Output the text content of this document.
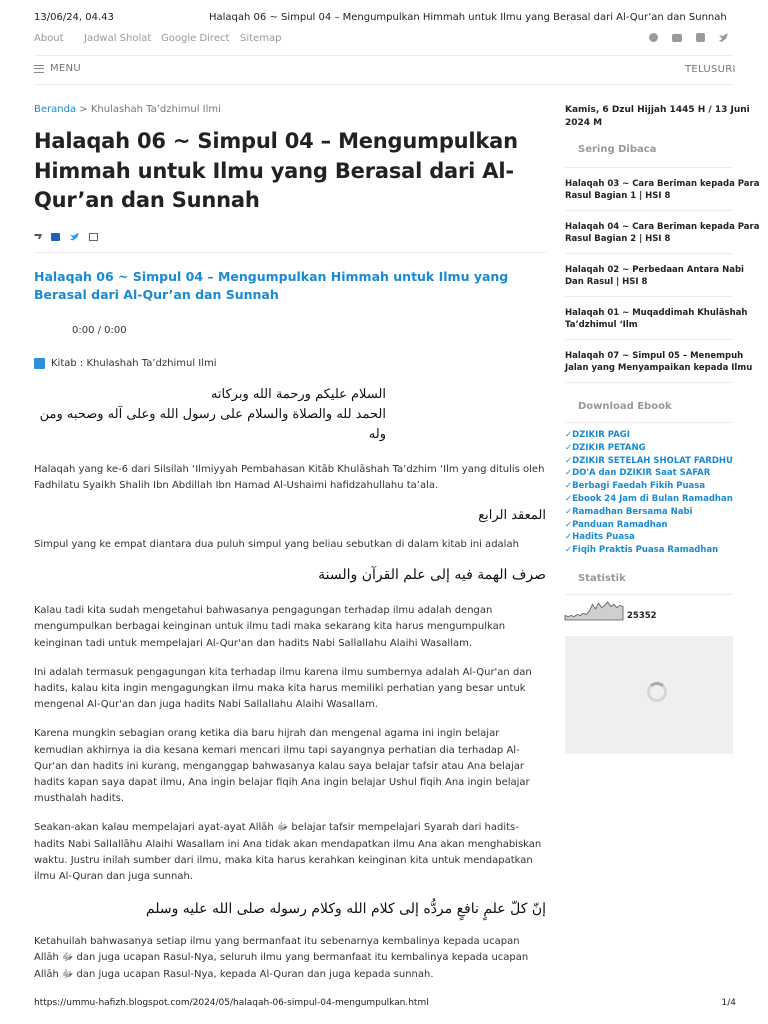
13/06/24, 04.43	Halaqah 06 ~ Simpul 04 – Mengumpulkan Himmah untuk Ilmu yang Berasal dari Al-Qur’an dan Sunnah
About Jadwal Sholat Google Direct Sitemap
MENU	TELUSURI
Beranda > Khulashah Ta’dzhimul Ilmi
Halaqah 06 ~ Simpul 04 – Mengumpulkan Himmah untuk Ilmu yang Berasal dari Al-Qur’an dan Sunnah
Halaqah 06 ~ Simpul 04 – Mengumpulkan Himmah untuk Ilmu yang Berasal dari Al-Qur’an dan Sunnah
0:00 / 0:00
Kitab : Khulashah Ta’dzhimul Ilmi
السلام عليكم ورحمة الله وبركاته
الحمد لله والصلاة والسلام على رسول الله وعلى آله وصحبه ومن وله

Halaqah yang ke-6 dari Silsilah ‘Ilmiyyah Pembahasan Kitāb Khulāshah Ta’dzhim ‘Ilm yang ditulis oleh Fadhilatu Syaikh Shalih Ibn Abdillah Ibn Hamad Al-Ushaimi hafidzahullahu ta’ala.

المعقد الرابع

Simpul yang ke empat diantara dua puluh simpul yang beliau sebutkan di dalam kitab ini adalah

صرف الهمة فيه إلى علم القرآن والسنة

Kalau tadi kita sudah mengetahui bahwasanya pengagungan terhadap ilmu adalah dengan mengumpulkan berbagai keinginan untuk ilmu tadi maka sekarang kita harus mengumpulkan keinginan tadi untuk mempelajari Al-Qur'an dan hadits Nabi Sallallahu Alaihi Wasallam.

Ini adalah termasuk pengagungan kita terhadap ilmu karena ilmu sumbernya adalah Al-Qur'an dan hadits, kalau kita ingin mengagungkan ilmu maka kita harus memiliki perhatian yang besar untuk mengenal Al-Qur'an dan juga hadits Nabi Sallallahu Alaihi Wasallam.

Karena mungkin sebagian orang ketika dia baru hijrah dan mengenal agama ini ingin belajar kemudian akhirnya ia dia kesana kemari mencari ilmu tapi sayangnya perhatian dia terhadap Al-Qur'an dan hadits ini kurang, menganggap bahwasanya kalau saya belajar tafsir atau Ana belajar hadits kapan saya dapat ilmu, Ana ingin belajar fiqih Ana ingin belajar Ushul fiqih Ana ingin belajar musthalah hadits.

Seakan-akan kalau mempelajari ayat-ayat Allāh ﷻ belajar tafsir mempelajari Syarah dari hadits-hadits Nabi Sallallāhu Alaihi Wasallam ini Ana tidak akan mendapatkan ilmu Ana akan menghabiskan waktu. Justru inilah sumber dari ilmu, maka kita harus kerahkan keinginan kita untuk mendapatkan ilmu Al-Quran dan juga sunnah.

إنّ كلّ علمٍ نافعٍ مردُّه إلى كلام الله وكلام رسوله صلى الله عليه وسلم

Ketahuilah bahwasanya setiap ilmu yang bermanfaat itu sebenarnya kembalinya kepada ucapan Allāh ﷻ dan juga ucapan Rasul-Nya, seluruh ilmu yang bermanfaat itu kembalinya kepada ucapan Allāh ﷻ dan juga ucapan Rasul-Nya, kepada Al-Quran dan juga kepada sunnah.

Kamis, 6 Dzul Hijjah 1445 H / 13 Juni
2024 M
Sering Dibaca
Halaqah 03 ~ Cara Beriman kepada Para
Rasul Bagian 1 | HSI 8
Halaqah 04 ~ Cara Beriman kepada Para
Rasul Bagian 2 | HSI 8
Halaqah 02 ~ Perbedaan Antara Nabi
Dan Rasul | HSI 8
Halaqah 01 ~ Muqaddimah Khulāshah
Ta’dzhimul ‘Ilm
Halaqah 07 ~ Simpul 05 – Menempuh
Jalan yang Menyampaikan kepada Ilmu
Download Ebook
✓DZIKIR PAGI
✓DZIKIR PETANG
✓DZIKIR SETELAH SHOLAT FARDHU
✓DO'A dan DZIKIR Saat SAFAR
✓Berbagi Faedah Fikih Puasa
✓Ebook 24 Jam di Bulan Ramadhan
✓Ramadhan Bersama Nabi
✓Panduan Ramadhan
✓Hadits Puasa
✓Fiqih Praktis Puasa Ramadhan
Statistik
25352
https://ummu-hafizh.blogspot.com/2024/05/halaqah-06-simpul-04-mengumpulkan.html	1/4
